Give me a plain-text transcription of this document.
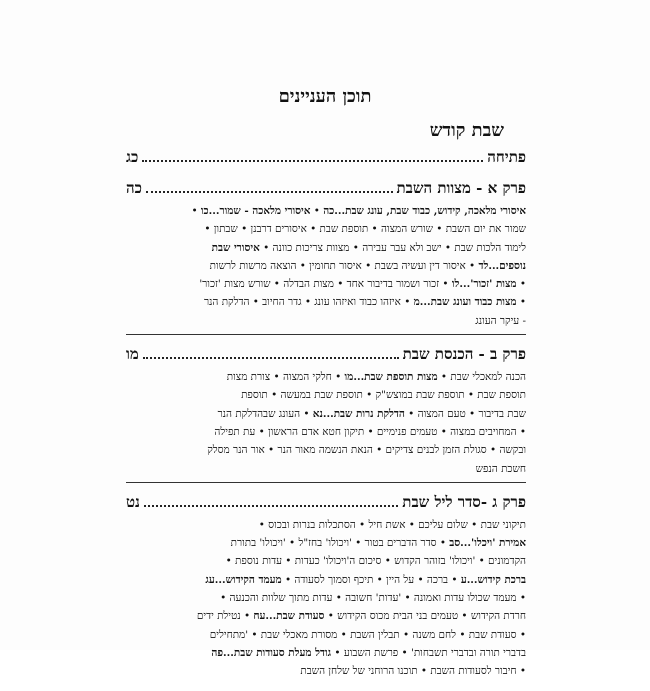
תוכן העניינים
שבת קודש
פתיחה
כג
פרק א - מצוות השבת
כה
איסורי מלאכה, קידוש, כבוד שבת, עונג שבת...כה • איסורי מלאכה - שמור...כו •
שמור את יום השבת • שורש המצוה • תוספת שבת • איסורים דרבנן • שבתון •
לימוד הלכות שבת • ישב ולא עבר עבירה • מצוות צריכות כוונה • איסורי שבת
נוספים...לד • איסור דין ועשיה בשבת • איסור תחומין • הוצאה מרשות לרשות
• מצות 'זכור'...לו • זכור ושמור בדיבור אחד • מצות הבדלה • שורש מצות 'זכור'
• מצות כבוד ועונג שבת...מ • איזהו כבוד ואיזהו עונג • גדר החיוב • הדלקת הנר
- עיקר העונג
פרק ב - הכנסת שבת
מו
הכנה למאכלי שבת • מצות תוספת שבת...מו • חלקי המצוה • צורת מצות
תוספת שבת • תוספת שבת במוצש"ק • תוספת שבת במעשה • תוספת
שבת בדיבור • טעם המצוה • הדלקת נרות שבת...נא • העונג שבהדלקת הנר
• המחויבים במצוה • טעמים פנימיים • תיקון חטא אדם הראשון • עת תפילה
ובקשה • סגולת הזמן לבנים צדיקים • הנאת הנשמה מאור הנר • אור הנר מסלק
חשכת הנפש
פרק ג -סדר ליל שבת
נט
תיקוני שבת • שלום עליכם • אשת חיל • הסתכלות בנרות ובכוס •
אמירת 'ויכלו'...סב • סדר הדברים בטור • 'ויכולו' בחז"ל • 'ויכולו' בתורת
הקדמונים • 'ויכולו' בזוהר הקדוש • סיכום ה'ויכולו' כעדות • עדות נוספת •
ברכת קידוש...ע • ברכה • על היין • תיכף וסמוך לסעודה • מעמד הקידוש...עג
• מעמד שכולו עדות ואמונה • 'עדות' חשובה • עדות מתוך שלוות והכנעה •
חרדת הקידוש • טעמים בני הבית מכוס הקידוש • סעודת שבת...עח • נטילת ידים
• סעודת שבת • לחם משנה • תבלין השבת • מסורת מאכלי שבת • 'מתחילים
בדברי תורה ובדברי תשבחות' • פרשת השבוע • גודל מעלת סעודות שבת...פה
• חיבור לסעודות השבת • תוכנו הרוחני של שלחן השבת
